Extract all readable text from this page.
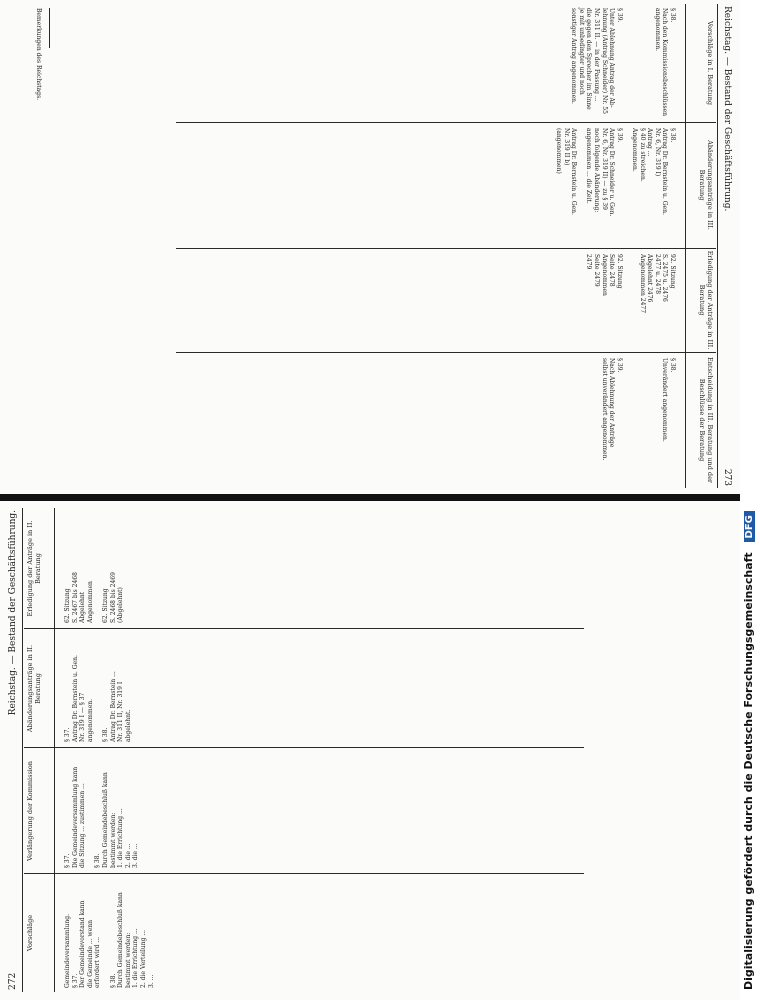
Reichstag. — Bestand der Geschäftsführung.
273
Vorschläge in I. Beratung
Abänderungsanträge in III. Beratung
Erledigung der Anträge in III. Beratung
Entscheidung in III. Beratung und der Beschlüsse der Beratung
§ 38.
Nach den Kommissionsbeschlüssen
angenommen.

§ 39.
Unter Ablehnung Antrag der Ab-
lehnung (Antrag Schneider) Nr. 55
Nr. 311 II. — in der Fassung ...
die gegen den Sprecher im Sinne
je mit unbedingter und noch
sonstiger Antrag angenommen.
§ 38.
Antrag Dr. Bernstein u. Gen.
Nr. 6, Nr. 319 I)
Antrag ...
§ 40 zu streichen.
Angenommen.

§ 39.
Antrag Dr. Schneider u. Gen.
Nr. 6, Nr. 319 II) — zu § 39
noch folgende Abänderung:
angenommen ... die Zeit.

Antrag Dr. Bernstein u. Gen.
Nr. 319 II b)
(angenommen)
92. Sitzung
S. 2475 u. 2476
2477 u. 2478
Abgelehnt 2476
Angenommen 2477

92. Sitzung
Seite 2478
Angenommen
Seite 2479
2479
§ 38.
Unverändert angenommen.

§ 39.
Nach Ablehnung der Anträge
selbst unverändert angenommen.
Bemerkungen des Reichstags.
272
Reichstag. — Bestand der Geschäftsführung.
Vorschläge
Verlängerung der Kommission
Abänderungsanträge in II. Beratung
Erledigung der Anträge in II. Beratung
Gemeindeversammlung. § 37. Der Gemeindevorstand kann die Gemeinde ... wenn erfordert wird ...
§ 38. Durch Gemeindebeschluß kann bestimmt werden: 1. die Errichtung ... 2. die Verteilung ... 3. ...
§ 37. Die Gemeindeversammlung kann die Sitzung ... zustimmen ...
§ 38. Durch Gemeindebeschluß kann bestimmt werden: 1. die Errichtung ... 2. die ... 3. die ...
§ 37. Antrag Dr. Bernstein u. Gen. Nr. 319 I — § 37 angenommen.
§ 38. Antrag Dr. Bernstein ... Nr. 311 II, Nr. 319 I abgelehnt.
62. Sitzung S. 2467 bis 2468 Abgelehnt Angenommen
62. Sitzung S. 2468 bis 2469 (Abgelehnt)	Digitalisierung gefördert durch die Deutsche Forschungsgemeinschaft DFG
